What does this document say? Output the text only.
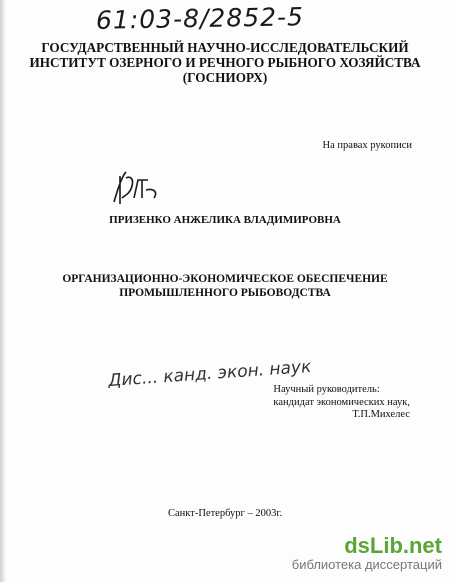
61:03-8/2852-5
ГОСУДАРСТВЕННЫЙ НАУЧНО-ИССЛЕДОВАТЕЛЬСКИЙ
ИНСТИТУТ ОЗЕРНОГО И РЕЧНОГО РЫБНОГО ХОЗЯЙСТВА
(ГОСНИОРХ)
На правах рукописи
ПРИЗЕНКО АНЖЕЛИКА ВЛАДИМИРОВНА
ОРГАНИЗАЦИОННО-ЭКОНОМИЧЕСКОЕ ОБЕСПЕЧЕНИЕ
ПРОМЫШЛЕННОГО РЫБОВОДСТВА
Дис... канд. экон. наук
Научный руководитель:
кандидат экономических наук,
Т.П.Михелес
Санкт-Петербург – 2003г.
dsLib.net
библиотека диссертаций
